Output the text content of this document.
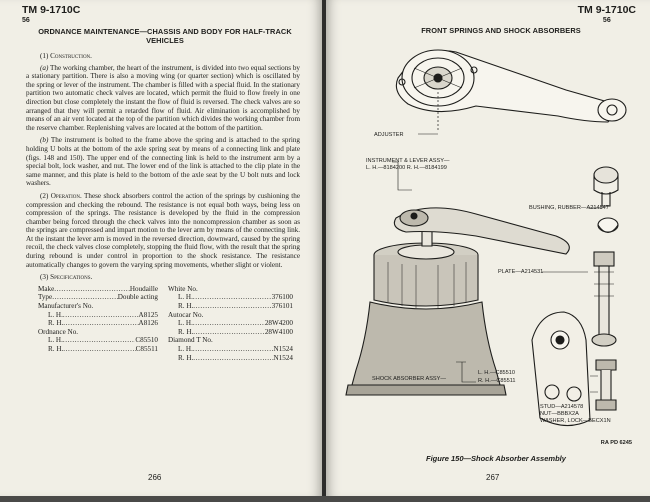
TM 9-1710C
56
ORDNANCE MAINTENANCE—CHASSIS AND BODY FOR HALF-TRACK VEHICLES

(1) Construction.

(a) The working chamber, the heart of the instrument, is divided into two equal sections by a stationary partition. There is also a moving wing (or quarter section) which is oscillated by the spring or lever of the instrument. The chamber is filled with a special fluid. In the stationary partition two automatic check valves are located, which permit the fluid to flow freely in one direction but close completely the instant the flow of fluid is reversed. The check valves are so arranged that they will permit a retarded flow of fluid. Air elimination is accomplished by means of an air vent located at the top of the partition which divides the working chamber from the reserve chamber. Replenishing valves are located at the bottom of the partition.

(b) The instrument is bolted to the frame above the spring and is attached to the spring holding U bolts at the bottom of the axle spring seat by means of a connecting link and plate (figs. 148 and 150). The upper end of the connecting link is held to the instrument arm by a special bolt, lock washer, and nut. The lower end of the link is attached to the clip plate in the same manner, and this plate is held to the bottom of the axle seat by the U bolt nuts and lock washers.

(2) Operation. These shock absorbers control the action of the springs by cushioning the compression and checking the rebound. The resistance is not equal both ways, being less on compression of the springs. The resistance is developed by the fluid in the compression chamber being forced through the check valves into the noncompression chamber as soon as the springs are compressed and impart motion to the lever arm by means of the connecting link. At the instant the lever arm is moved in the reversed direction, downward, caused by the spring recoil, the check valves close completely, stopping the fluid flow, with the result that the spring during rebound is under control in proportion to the shock resistance. The resistance automatically changes to govern the varying spring movements, whether slight or violent.

(3) Specifications.

Make .....	Houdaille
Type .....	Double acting
Manufacturer's No.
L. H. .....	A8125
R. H. .....	A8126
Ordnance No.
L. H. .....	C85510
R. H. .....	C85511
White No.
L. H. .....	376100
R. H. .....	376101
Autocar No.
L. H. .....	28W4200
R. H. .....	28W4100
Diamond T No.
L. H. .....	N1524
R. H. .....	N1524
266
TM 9-1710C
56
FRONT SPRINGS AND SHOCK ABSORBERS
ADJUSTER
INSTRUMENT & LEVER ASSY—
L. H.—8184200 R. H.—8184199
BUSHING, RUBBER—A214547
PLATE—A214531
SHOCK ABSORBER ASSY—
L. H.—C85510
R. H.—C85511
STUD—A214578
NUT—BBBX2A
WASHER, LOCK—BECX1N
RA PD 6245
Figure 150—Shock Absorber Assembly
267
